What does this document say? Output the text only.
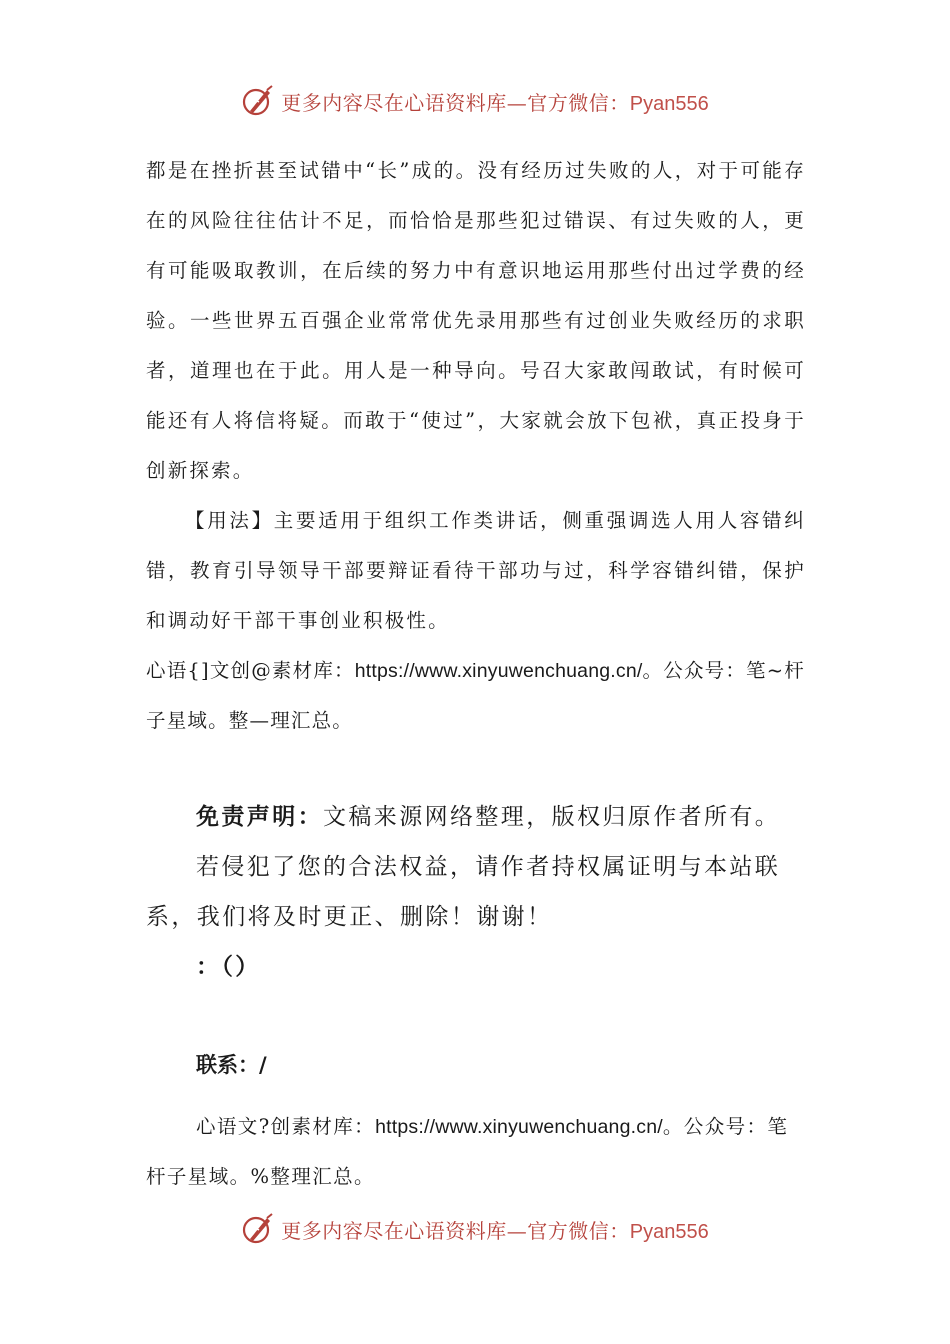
更多内容尽在心语资料库—官方微信：Pyan556

都是在挫折甚至试错中“长”成的。没有经历过失败的人，对于可能存在的风险往往估计不足，而恰恰是那些犯过错误、有过失败的人，更有可能吸取教训，在后续的努力中有意识地运用那些付出过学费的经验。一些世界五百强企业常常优先录用那些有过创业失败经历的求职者，道理也在于此。用人是一种导向。号召大家敢闯敢试，有时候可能还有人将信将疑。而敢于“使过”，大家就会放下包袱，真正投身于创新探索。

【用法】主要适用于组织工作类讲话，侧重强调选人用人容错纠错，教育引导领导干部要辩证看待干部功与过，科学容错纠错，保护和调动好干部干事创业积极性。

心语{]文创@素材库：https://www.xinyuwenchuang.cn/。公众号：笔~杆子星域。整—理汇总。

免责声明：文稿来源网络整理，版权归原作者所有。

若侵犯了您的合法权益，请作者持权属证明与本站联系，我们将及时更正、删除！谢谢！

：（）

联系：/

心语文?创素材库：https://www.xinyuwenchuang.cn/。公众号：笔杆子星域。%整理汇总。

更多内容尽在心语资料库—官方微信：Pyan556
